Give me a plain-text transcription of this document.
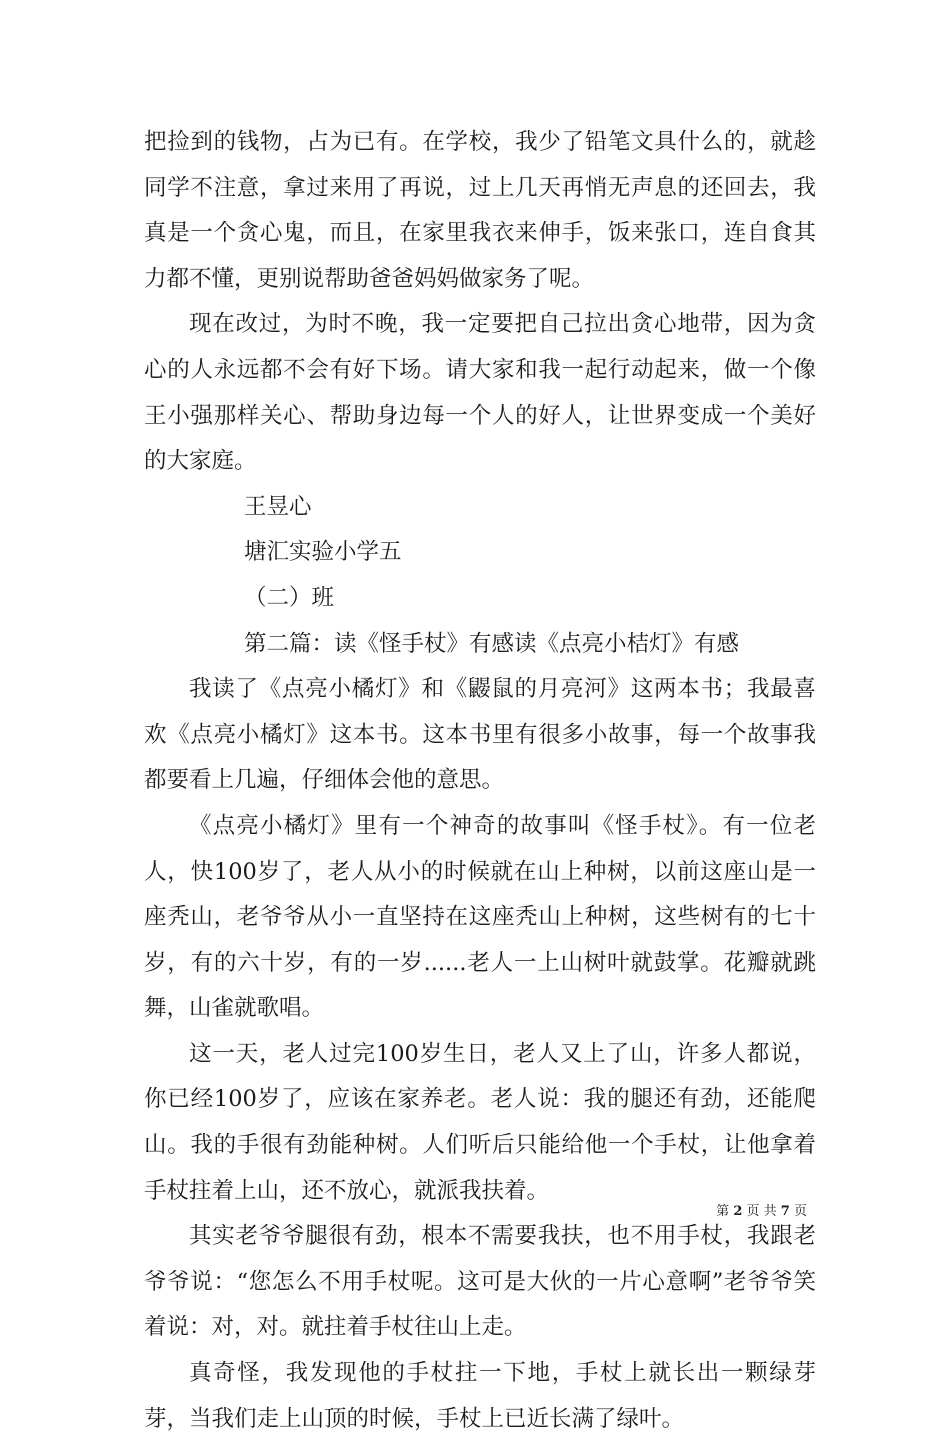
把捡到的钱物，占为已有。在学校，我少了铅笔文具什么的，就趁同学不注意，拿过来用了再说，过上几天再悄无声息的还回去，我真是一个贪心鬼，而且，在家里我衣来伸手，饭来张口，连自食其力都不懂，更别说帮助爸爸妈妈做家务了呢。

现在改过，为时不晚，我一定要把自己拉出贪心地带，因为贪心的人永远都不会有好下场。请大家和我一起行动起来，做一个像王小强那样关心、帮助身边每一个人的好人，让世界变成一个美好的大家庭。

王昱心

塘汇实验小学五

（二）班

第二篇：读《怪手杖》有感读《点亮小桔灯》有感

我读了《点亮小橘灯》和《鼹鼠的月亮河》这两本书；我最喜欢《点亮小橘灯》这本书。这本书里有很多小故事，每一个故事我都要看上几遍，仔细体会他的意思。

《点亮小橘灯》里有一个神奇的故事叫《怪手杖》。有一位老人，快100岁了，老人从小的时候就在山上种树，以前这座山是一座秃山，老爷爷从小一直坚持在这座秃山上种树，这些树有的七十岁，有的六十岁，有的一岁......老人一上山树叶就鼓掌。花瓣就跳舞，山雀就歌唱。

这一天，老人过完100岁生日，老人又上了山，许多人都说，你已经100岁了，应该在家养老。老人说：我的腿还有劲，还能爬山。我的手很有劲能种树。人们听后只能给他一个手杖，让他拿着手杖拄着上山，还不放心，就派我扶着。

其实老爷爷腿很有劲，根本不需要我扶，也不用手杖，我跟老爷爷说：“您怎么不用手杖呢。这可是大伙的一片心意啊”老爷爷笑着说：对，对。就拄着手杖往山上走。

真奇怪，我发现他的手杖拄一下地，手杖上就长出一颗绿芽芽，当我们走上山顶的时候，手杖上已近长满了绿叶。

第 2 页 共 7 页
